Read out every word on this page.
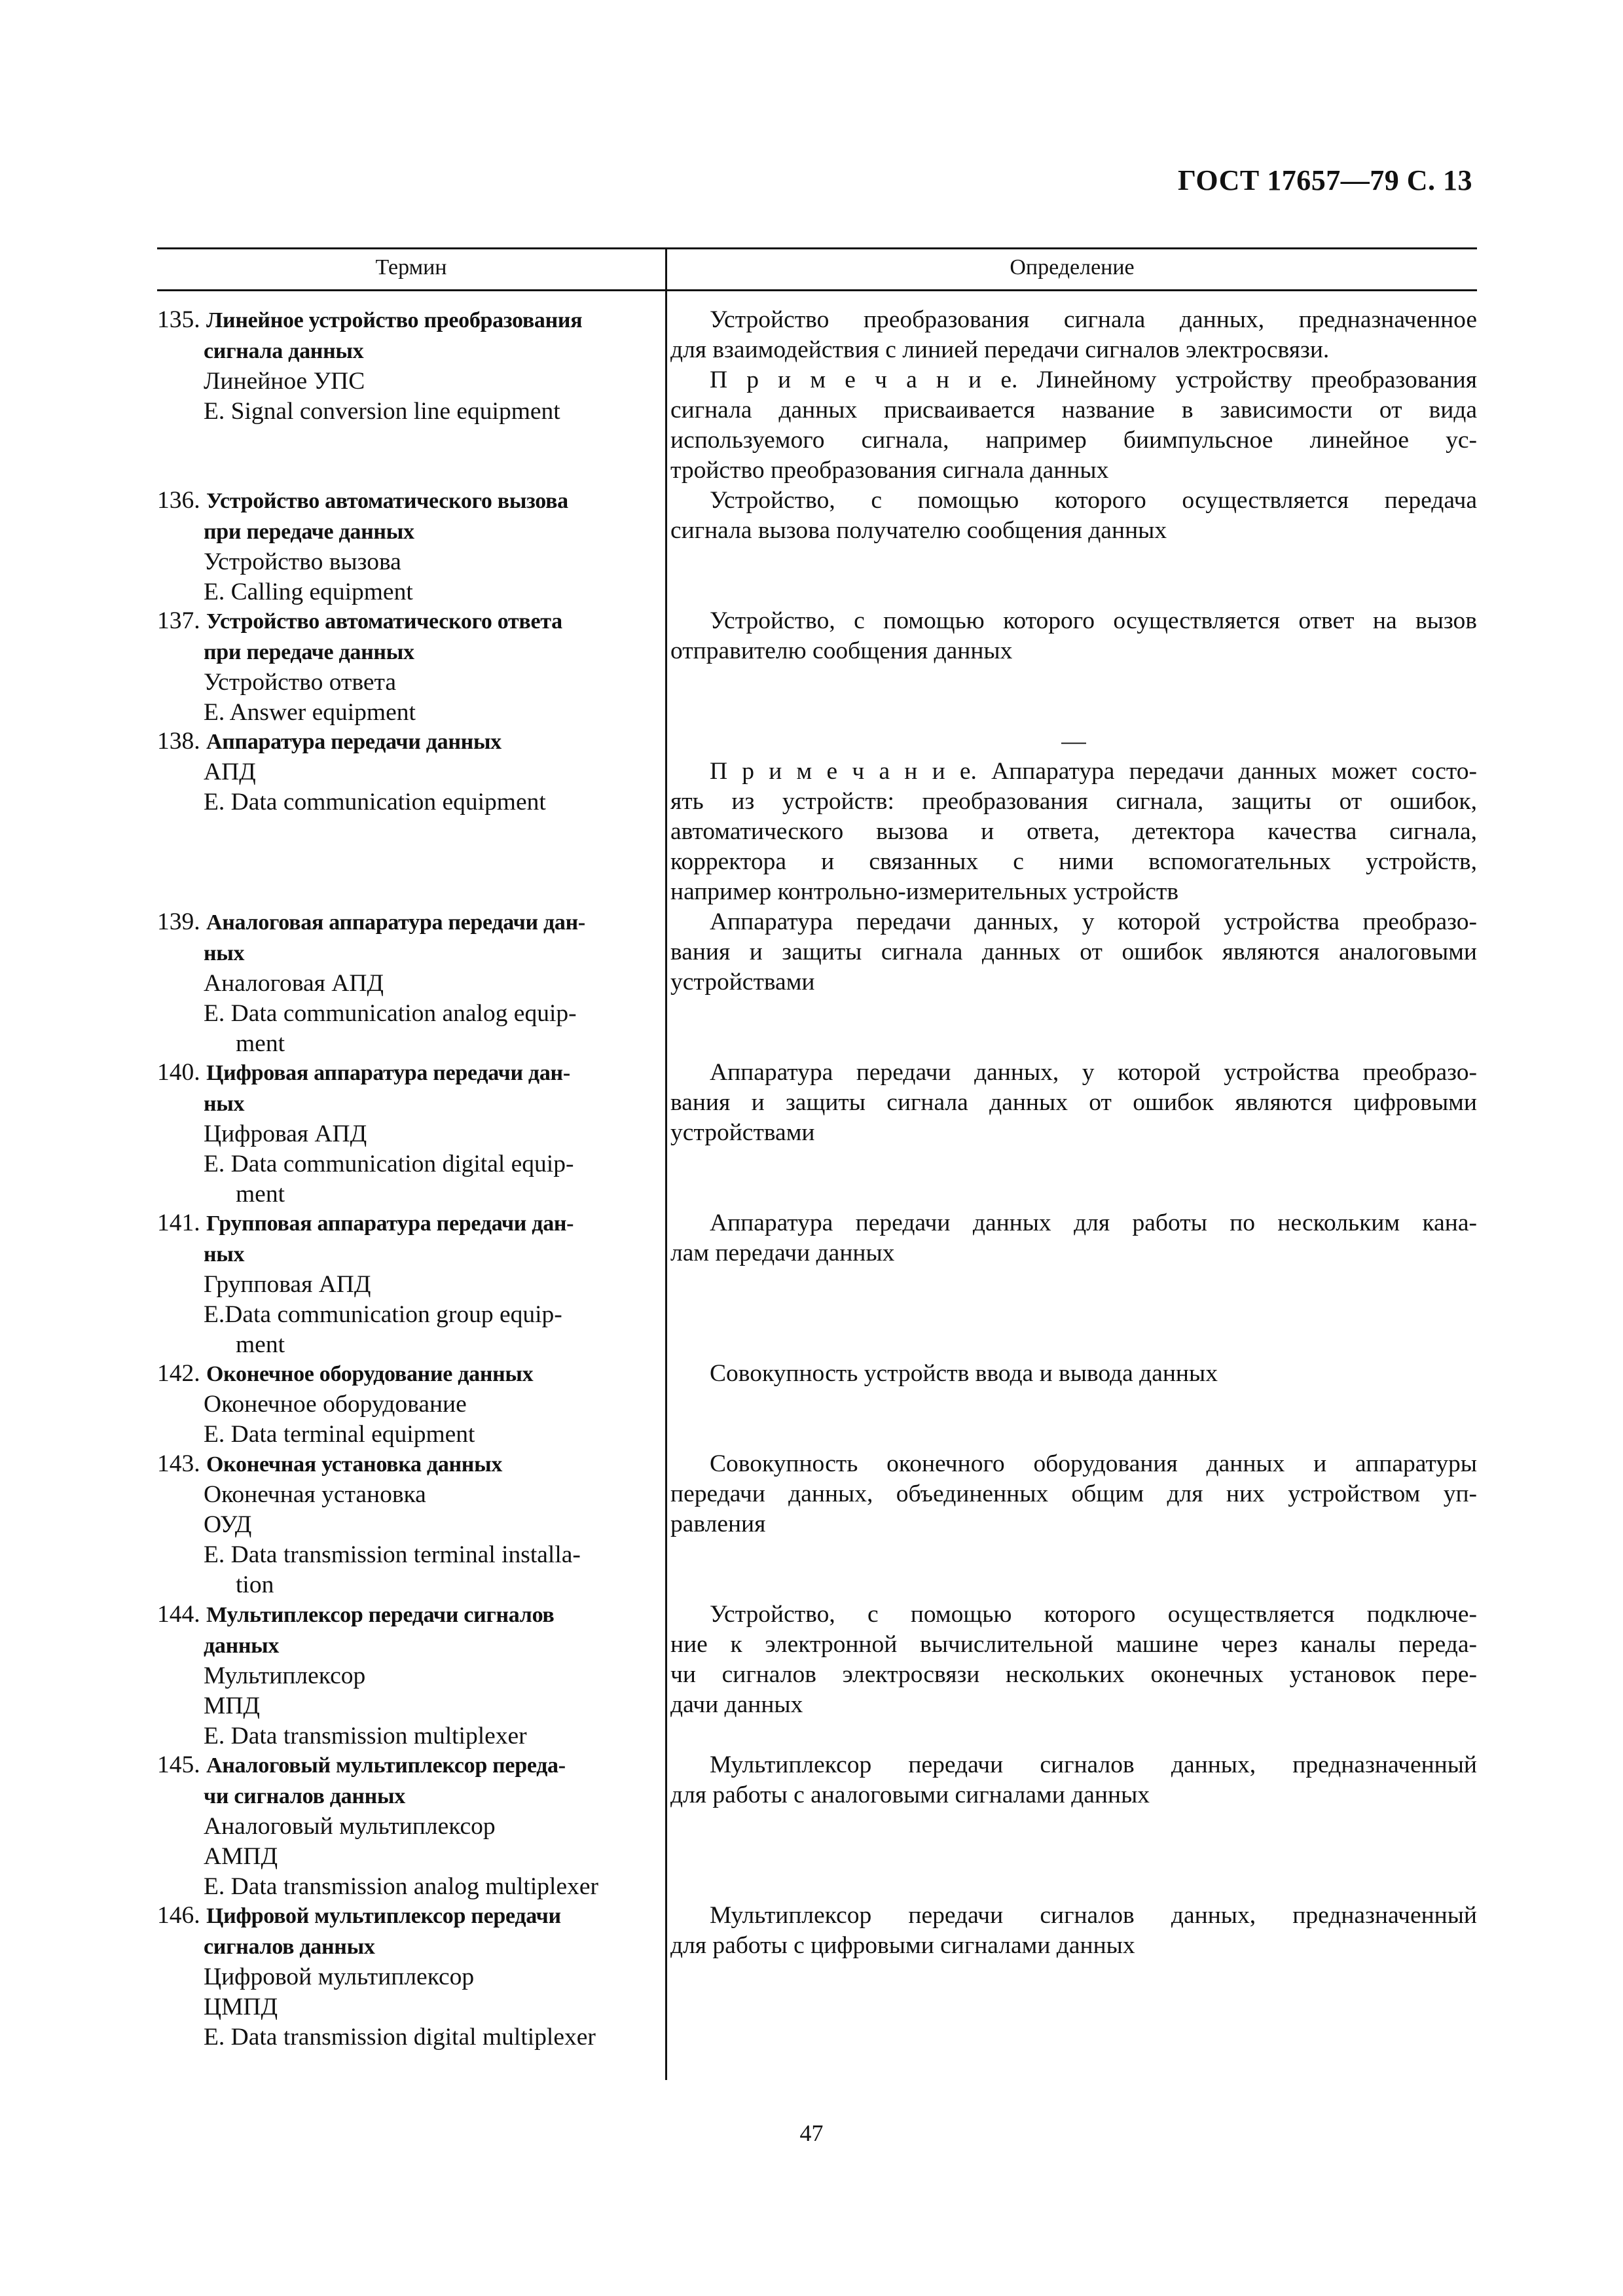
ГОСТ 17657—79 С. 13
Термин	Определение
135. Линейное устройство преобразования
сигнала данных
Линейное УПС
E. Signal conversion line equipment
Устройство преобразования сигнала данных, предназначенное
для взаимодействия с линией передачи сигналов электросвязи.
П р и м е ч а н и е. Линейному устройству преобразования
сигнала данных присваивается название в зависимости от вида
используемого сигнала, например биимпульсное линейное ус-
тройство преобразования сигнала данных
136. Устройство автоматического вызова
при передаче данных
Устройство вызова
E. Calling equipment
Устройство, с помощью которого осуществляется передача
сигнала вызова получателю сообщения данных
137. Устройство автоматического ответа
при передаче данных
Устройство ответа
E. Answer equipment
Устройство, с помощью которого осуществляется ответ на вызов
отправителю сообщения данных
138. Аппаратура передачи данных
АПД
E. Data communication equipment
—
П р и м е ч а н и е. Аппаратура передачи данных может состо-
ять из устройств: преобразования сигнала, защиты от ошибок,
автоматического вызова и ответа, детектора качества сигнала,
корректора и связанных с ними вспомогательных устройств,
например контрольно-измерительных устройств
139. Аналоговая аппаратура передачи дан-
ных
Аналоговая АПД
E. Data communication analog equip-
ment
Аппаратура передачи данных, у которой устройства преобразо-
вания и защиты сигнала данных от ошибок являются аналоговыми
устройствами
140. Цифровая аппаратура передачи дан-
ных
Цифровая АПД
E. Data communication digital equip-
ment
Аппаратура передачи данных, у которой устройства преобразо-
вания и защиты сигнала данных от ошибок являются цифровыми
устройствами
141. Групповая аппаратура передачи дан-
ных
Групповая АПД
E.Data communication group equip-
ment
Аппаратура передачи данных для работы по нескольким кана-
лам передачи данных
142. Оконечное оборудование данных
Оконечное оборудование
E. Data terminal equipment
Совокупность устройств ввода и вывода данных
143. Оконечная установка данных
Оконечная установка
ОУД
E. Data transmission terminal installa-
tion
Совокупность оконечного оборудования данных и аппаратуры
передачи данных, объединенных общим для них устройством уп-
равления
144. Мультиплексор передачи сигналов
данных
Мультиплексор
МПД
E. Data transmission multiplexer
Устройство, с помощью которого осуществляется подключе-
ние к электронной вычислительной машине через каналы переда-
чи сигналов электросвязи нескольких оконечных установок пере-
дачи данных
145. Аналоговый мультиплексор переда-
чи сигналов данных
Аналоговый мультиплексор
АМПД
E. Data transmission analog multiplexer
Мультиплексор передачи сигналов данных, предназначенный
для работы с аналоговыми сигналами данных
146. Цифровой мультиплексор передачи
сигналов данных
Цифровой мультиплексор
ЦМПД
E. Data transmission digital multiplexer
Мультиплексор передачи сигналов данных, предназначенный
для работы с цифровыми сигналами данных
47
